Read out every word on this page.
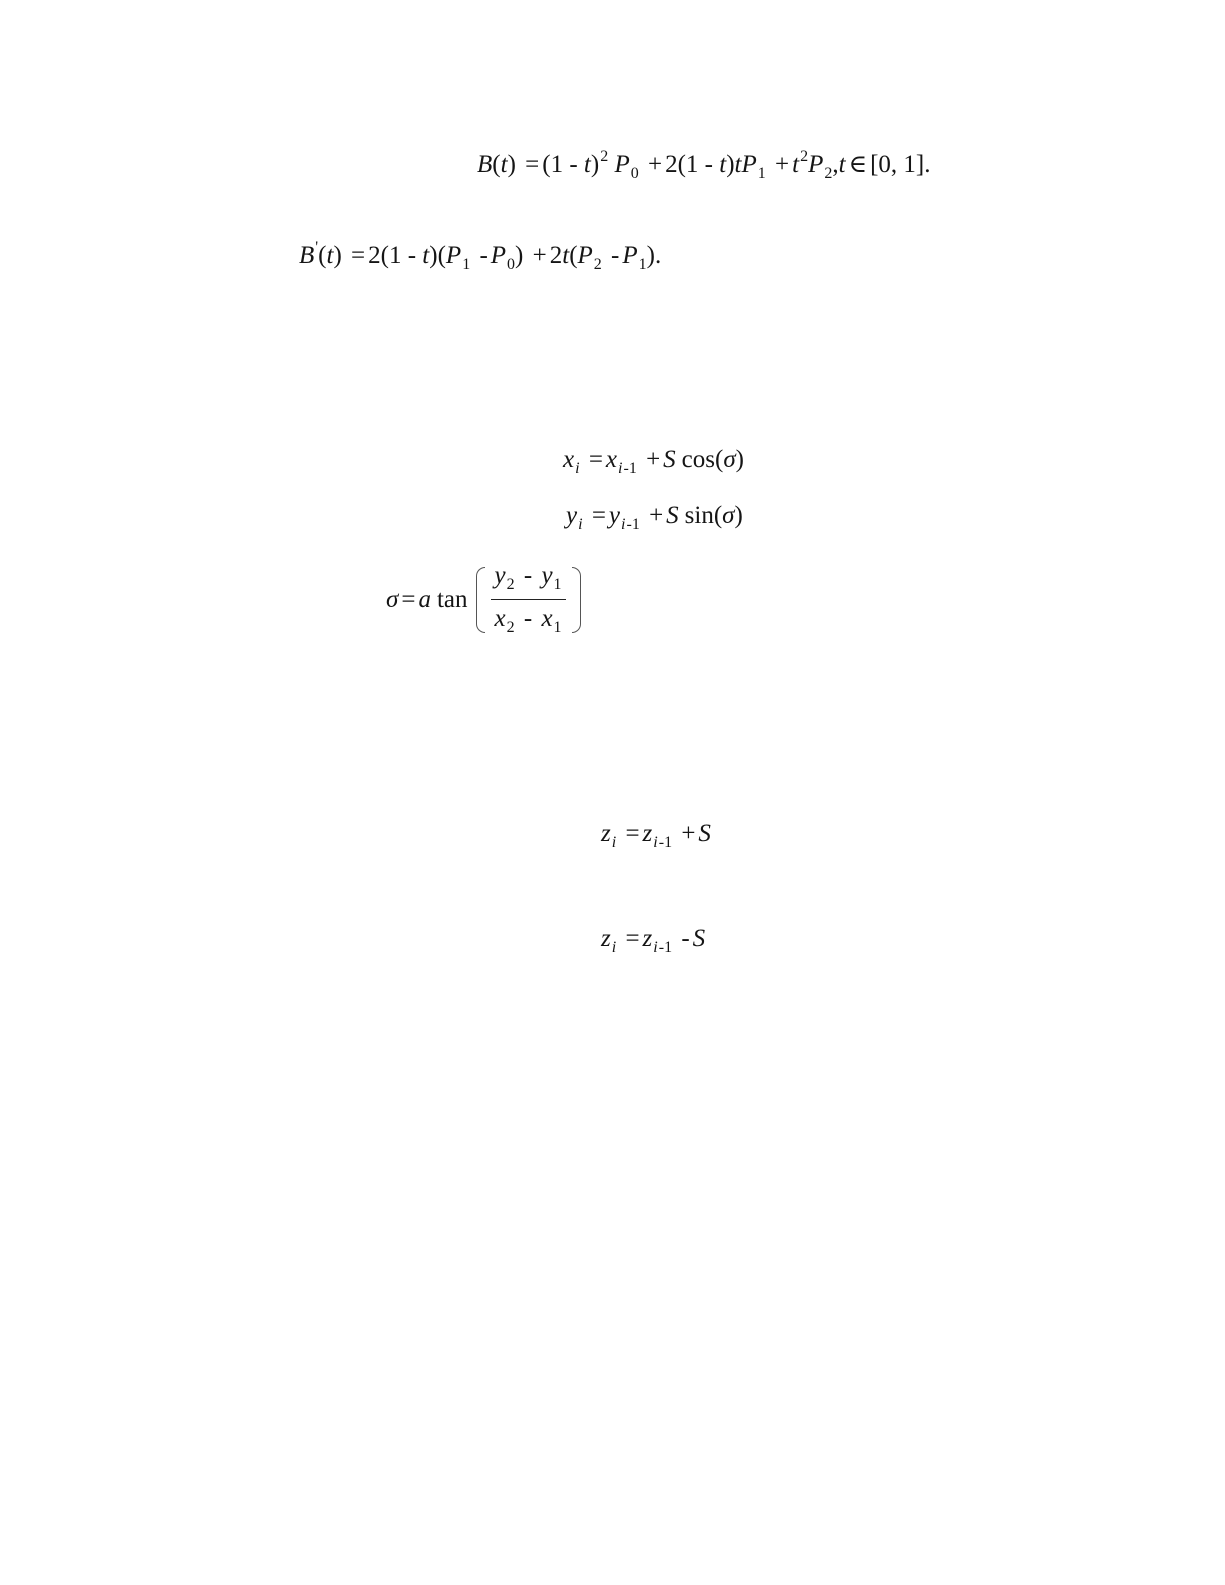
B(t) = (1 - t)$^2$ $P_0 + 2(1 - t)tP_1 + t^2P_2,t$ ∈ [0, 1].
$B'(t) = 2(1 - t)(P_1 - P_0) + 2t(P_2 - P_1)$.
$x_i = x_{i-1} + S$ cos(σ)
$y_i = y_{i-1} + S$ sin(σ)
σ = a $\tan \frac{y_2 - y_1}{x_2 - x_1}$
$z_i = z_{i-1} + S$
$z_i = z_{i-1} - S$
